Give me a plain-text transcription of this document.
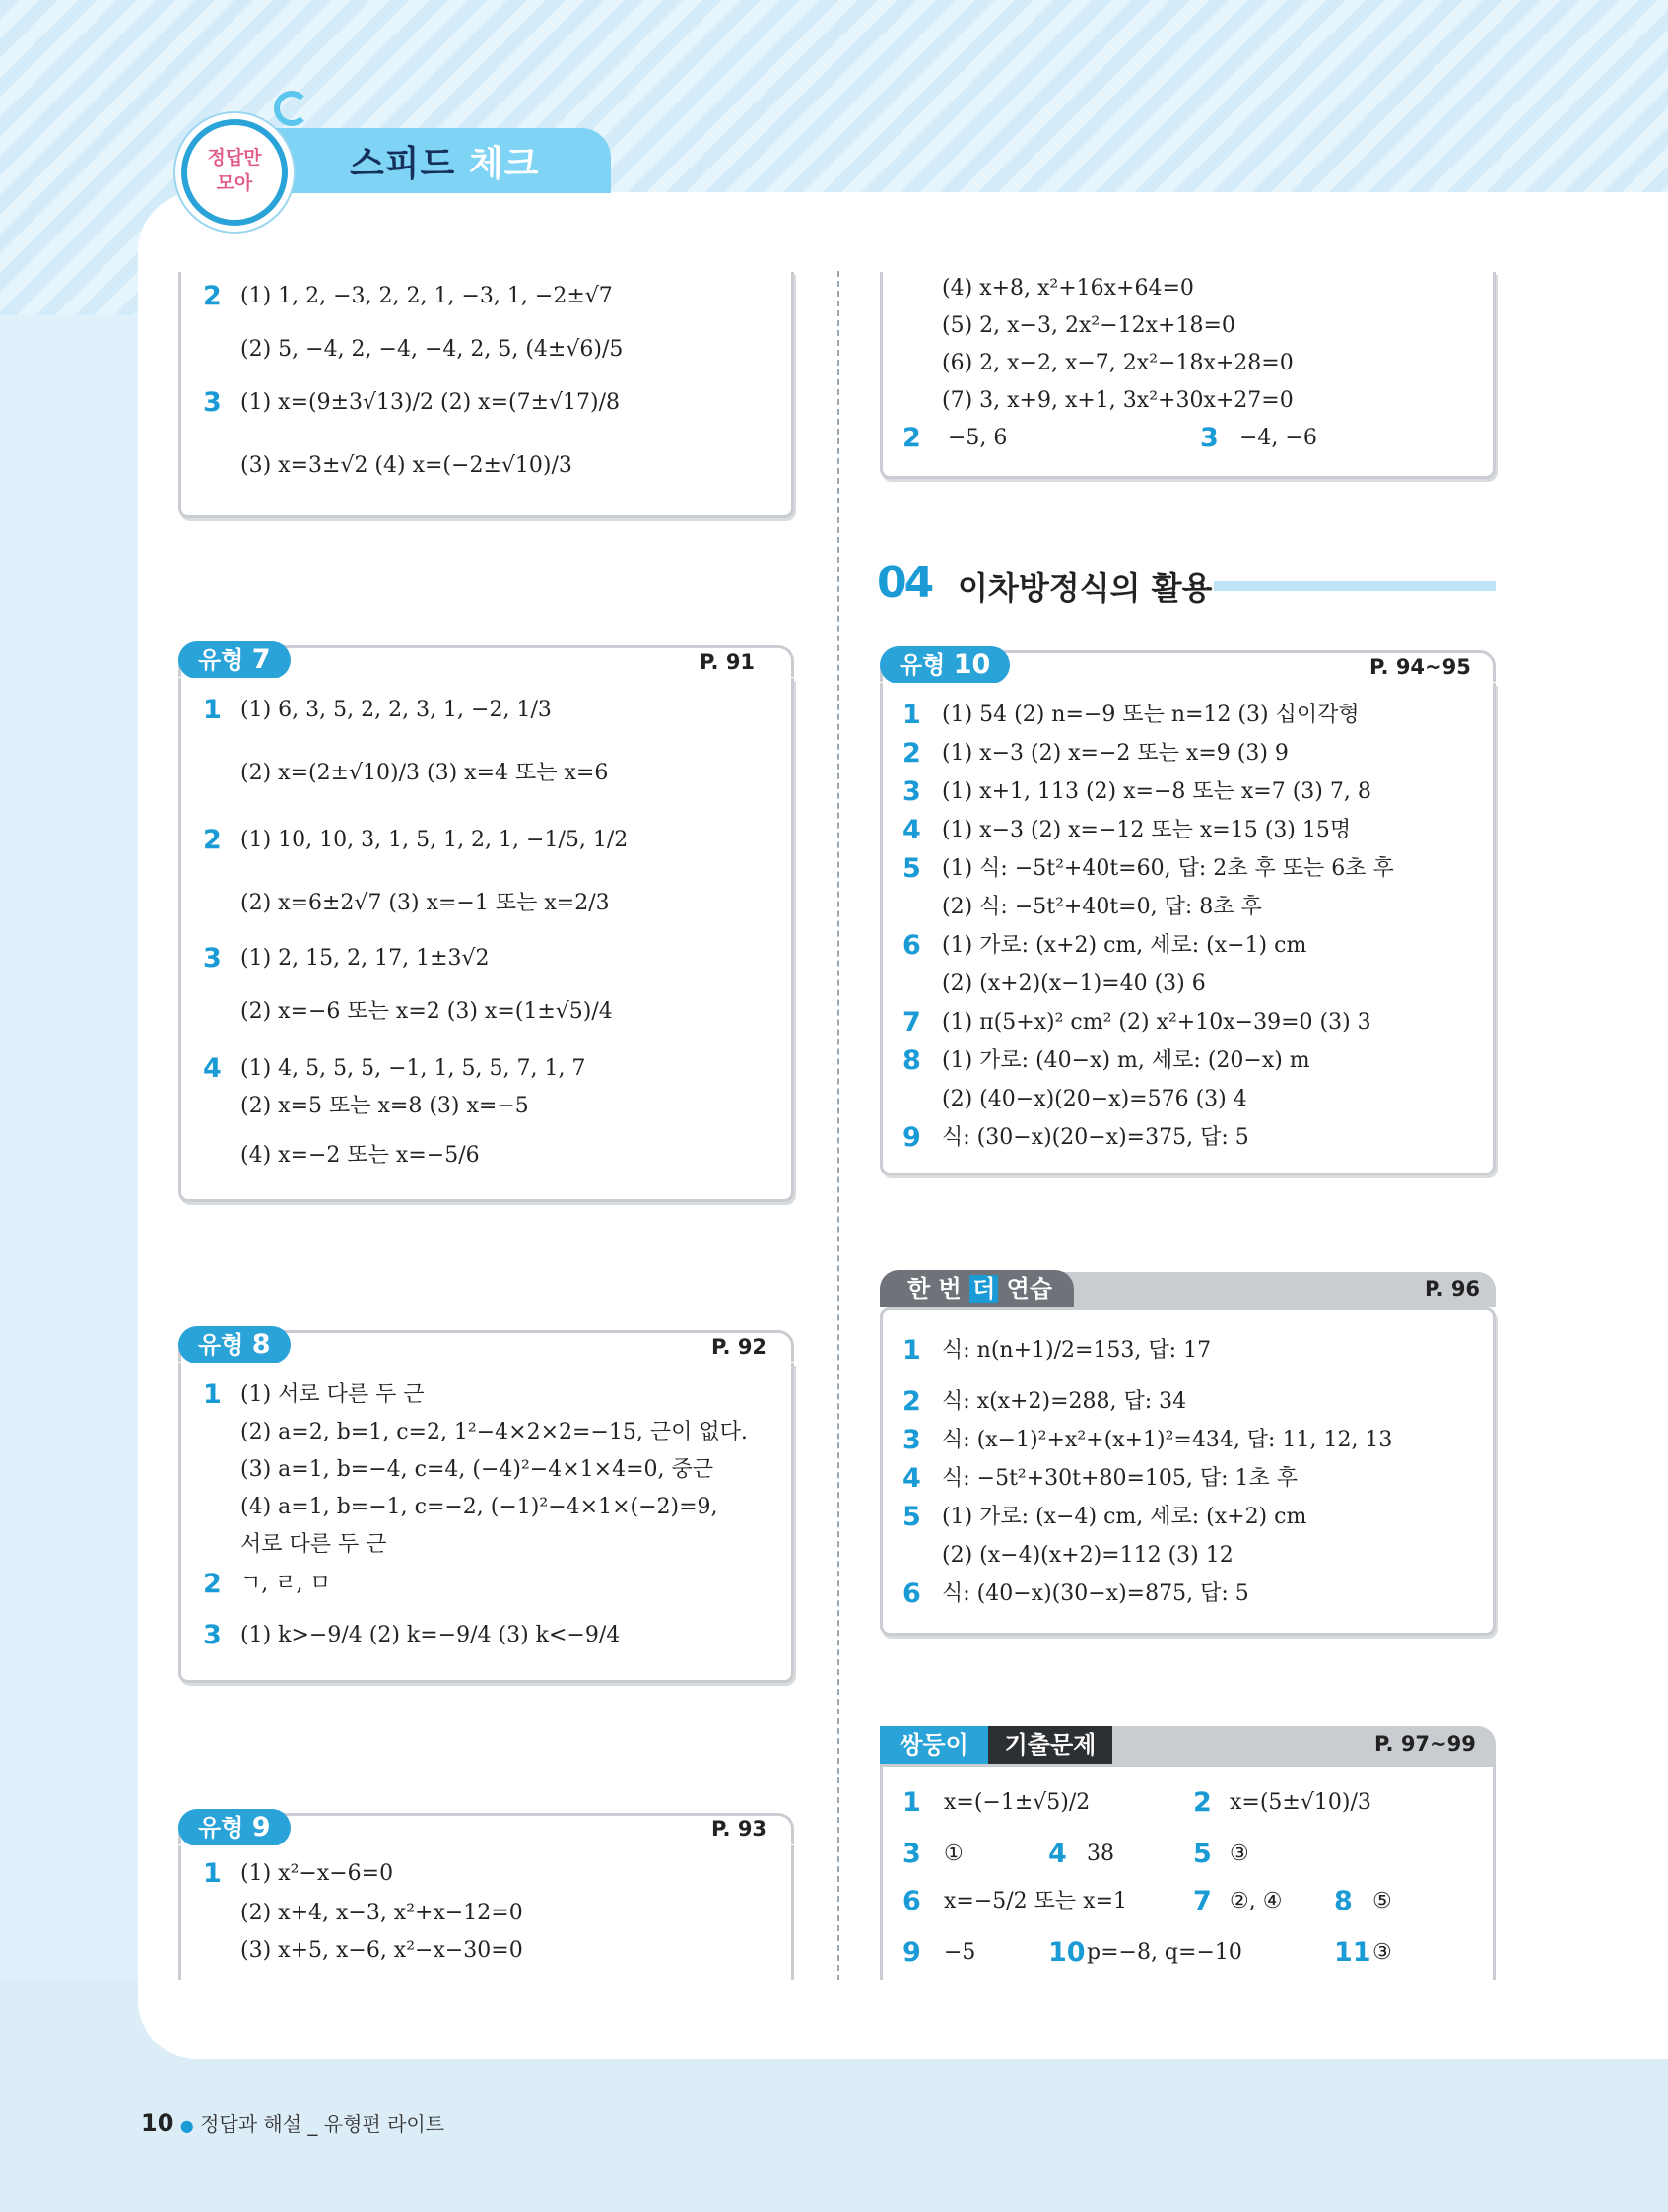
스피드 체크
정답만
모아
2 (1) 1, 2, −3, 2, 2, 1, −3, 1, −2±√7
(2) 5, −4, 2, −4, −4, 2, 5, (4±√6)/5
3 (1) x=(9±3√13)/2 (2) x=(7±√17)/8
(3) x=3±√2 (4) x=(−2±√10)/3
유형 7	P. 91
1 (1) 6, 3, 5, 2, 2, 3, 1, −2, 1/3
(2) x=(2±√10)/3 (3) x=4 또는 x=6
2 (1) 10, 10, 3, 1, 5, 1, 2, 1, −1/5, 1/2
(2) x=6±2√7 (3) x=−1 또는 x=2/3
3 (1) 2, 15, 2, 17, 1±3√2
(2) x=−6 또는 x=2 (3) x=(1±√5)/4
4 (1) 4, 5, 5, 5, −1, 1, 5, 5, 7, 1, 7
(2) x=5 또는 x=8 (3) x=−5
(4) x=−2 또는 x=−5/6
유형 8	P. 92
1 (1) 서로 다른 두 근
(2) a=2, b=1, c=2, 1²−4×2×2=−15, 근이 없다.
(3) a=1, b=−4, c=4, (−4)²−4×1×4=0, 중근
(4) a=1, b=−1, c=−2, (−1)²−4×1×(−2)=9,
서로 다른 두 근
2 ㄱ, ㄹ, ㅁ
3 (1) k>−9/4 (2) k=−9/4 (3) k<−9/4
유형 9	P. 93
1 (1) x²−x−6=0
(2) x+4, x−3, x²+x−12=0
(3) x+5, x−6, x²−x−30=0
(4) x+8, x²+16x+64=0
(5) 2, x−3, 2x²−12x+18=0
(6) 2, x−2, x−7, 2x²−18x+28=0
(7) 3, x+9, x+1, 3x²+30x+27=0
2 −5, 6	3 −4, −6
04 이차방정식의 활용
유형 10	P. 94~95
1 (1) 54 (2) n=−9 또는 n=12 (3) 십이각형
2 (1) x−3 (2) x=−2 또는 x=9 (3) 9
3 (1) x+1, 113 (2) x=−8 또는 x=7 (3) 7, 8
4 (1) x−3 (2) x=−12 또는 x=15 (3) 15명
5 (1) 식: −5t²+40t=60, 답: 2초 후 또는 6초 후
(2) 식: −5t²+40t=0, 답: 8초 후
6 (1) 가로: (x+2) cm, 세로: (x−1) cm
(2) (x+2)(x−1)=40 (3) 6
7 (1) π(5+x)² cm² (2) x²+10x−39=0 (3) 3
8 (1) 가로: (40−x) m, 세로: (20−x) m
(2) (40−x)(20−x)=576 (3) 4
9 식: (30−x)(20−x)=375, 답: 5
한 번 더 연습	P. 96
1 식: n(n+1)/2=153, 답: 17
2 식: x(x+2)=288, 답: 34
3 식: (x−1)²+x²+(x+1)²=434, 답: 11, 12, 13
4 식: −5t²+30t+80=105, 답: 1초 후
5 (1) 가로: (x−4) cm, 세로: (x+2) cm
(2) (x−4)(x+2)=112 (3) 12
6 식: (40−x)(30−x)=875, 답: 5
쌍둥이	기출문제	P. 97~99
1 x=(−1±√5)/2	2 x=(5±√10)/3
3 ①	4 38	5 ③
6 x=−5/2 또는 x=1 7 ②, ④ 8 ⑤
9 −5	10 p=−8, q=−10	11 ③
10 ● 정답과 해설 _ 유형편 라이트
